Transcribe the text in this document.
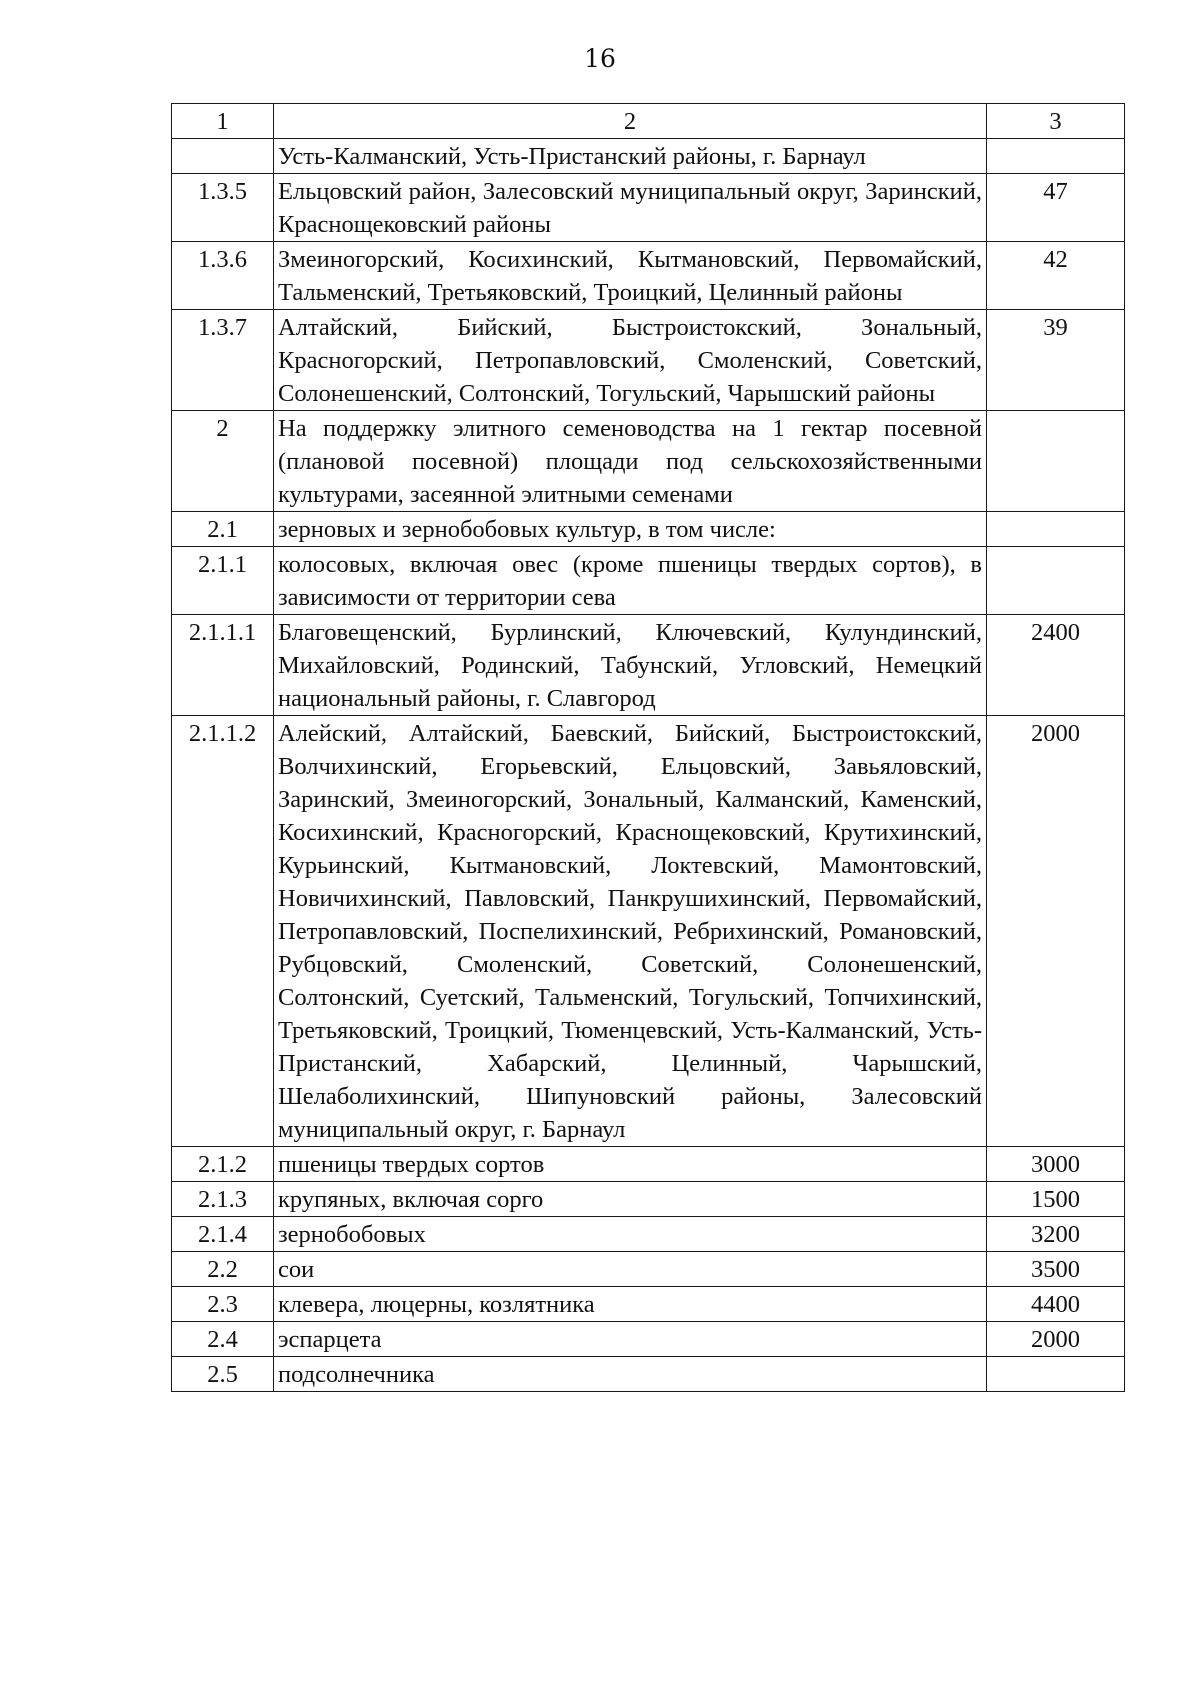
16
1	2	3
	Усть-Калманский, Усть-Пристанский районы, г. Барнаул	
1.3.5	Ельцовский район, Залесовский муниципальный округ, Заринский, Краснощековский районы	47
1.3.6	Змеиногорский, Косихинский, Кытмановский, Первомайский, Тальменский, Третьяковский, Троицкий, Целинный районы	42
1.3.7	Алтайский, Бийский, Быстроистокский, Зональный, Красногорский, Петропавловский, Смоленский, Советский, Солонешенский, Солтонский, Тогульский, Чарышский районы	39
2	На поддержку элитного семеноводства на 1 гектар посевной (плановой посевной) площади под сельскохозяйственными культурами, засеянной элитными семенами	
2.1	зерновых и зернобобовых культур, в том числе:	
2.1.1	колосовых, включая овес (кроме пшеницы твердых сортов), в зависимости от территории сева	
2.1.1.1	Благовещенский, Бурлинский, Ключевский, Кулундинский, Михайловский, Родинский, Табунский, Угловский, Немецкий национальный районы, г. Славгород	2400
2.1.1.2	Алейский, Алтайский, Баевский, Бийский, Быстроистокский, Волчихинский, Егорьевский, Ельцовский, Завьяловский, Заринский, Змеиногорский, Зональный, Калманский, Каменский, Косихинский, Красногорский, Краснощековский, Крутихинский, Курьинский, Кытмановский, Локтевский, Мамонтовский, Новичихинский, Павловский, Панкрушихинский, Первомайский, Петропавловский, Поспелихинский, Ребрихинский, Романовский, Рубцовский, Смоленский, Советский, Солонешенский, Солтонский, Суетский, Тальменский, Тогульский, Топчихинский, Третьяковский, Троицкий, Тюменцевский, Усть-Калманский, Усть-Пристанский, Хабарский, Целинный, Чарышский, Шелаболихинский, Шипуновский районы, Залесовский муниципальный округ, г. Барнаул	2000
2.1.2	пшеницы твердых сортов	3000
2.1.3	крупяных, включая сорго	1500
2.1.4	зернобобовых	3200
2.2	сои	3500
2.3	клевера, люцерны, козлятника	4400
2.4	эспарцета	2000
2.5	подсолнечника	
